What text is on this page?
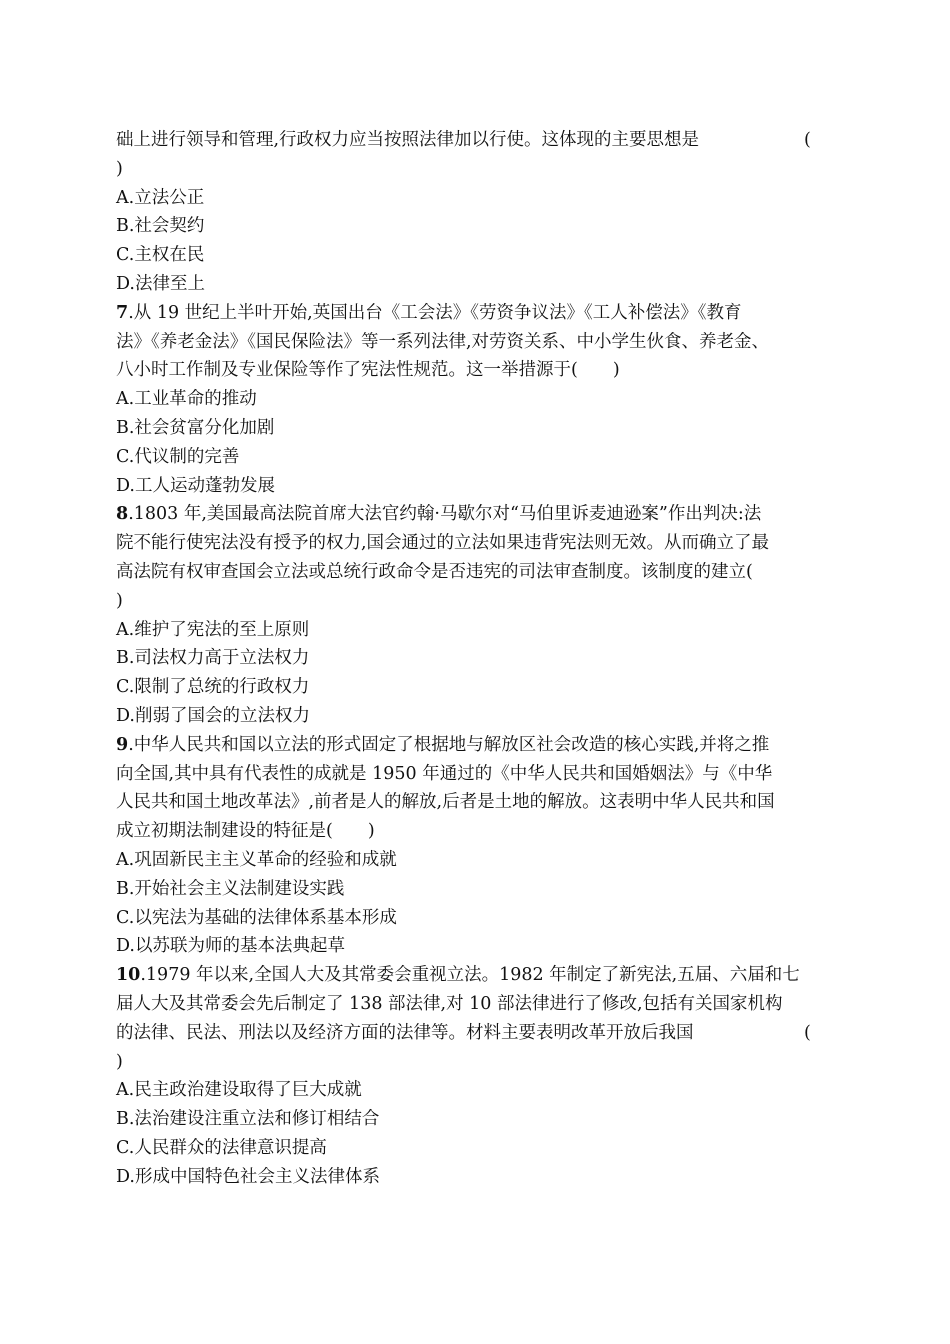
础上进行领导和管理,行政权力应当按照法律加以行使。这体现的主要思想是	(
)
A.立法公正
B.社会契约
C.主权在民
D.法律至上
7.从 19 世纪上半叶开始,英国出台《工会法》《劳资争议法》《工人补偿法》《教育
法》《养老金法》《国民保险法》等一系列法律,对劳资关系、中小学生伙食、养老金、
八小时工作制及专业保险等作了宪法性规范。这一举措源于(　　)
A.工业革命的推动
B.社会贫富分化加剧
C.代议制的完善
D.工人运动蓬勃发展
8.1803 年,美国最高法院首席大法官约翰·马歇尔对“马伯里诉麦迪逊案”作出判决:法
院不能行使宪法没有授予的权力,国会通过的立法如果违背宪法则无效。从而确立了最
高法院有权审查国会立法或总统行政命令是否违宪的司法审查制度。该制度的建立(
)
A.维护了宪法的至上原则
B.司法权力高于立法权力
C.限制了总统的行政权力
D.削弱了国会的立法权力
9.中华人民共和国以立法的形式固定了根据地与解放区社会改造的核心实践,并将之推
向全国,其中具有代表性的成就是 1950 年通过的《中华人民共和国婚姻法》与《中华
人民共和国土地改革法》,前者是人的解放,后者是土地的解放。这表明中华人民共和国
成立初期法制建设的特征是(　　)
A.巩固新民主主义革命的经验和成就
B.开始社会主义法制建设实践
C.以宪法为基础的法律体系基本形成
D.以苏联为师的基本法典起草
10.1979 年以来,全国人大及其常委会重视立法。1982 年制定了新宪法,五届、六届和七
届人大及其常委会先后制定了 138 部法律,对 10 部法律进行了修改,包括有关国家机构
的法律、民法、刑法以及经济方面的法律等。材料主要表明改革开放后我国	(
)
A.民主政治建设取得了巨大成就
B.法治建设注重立法和修订相结合
C.人民群众的法律意识提高
D.形成中国特色社会主义法律体系
